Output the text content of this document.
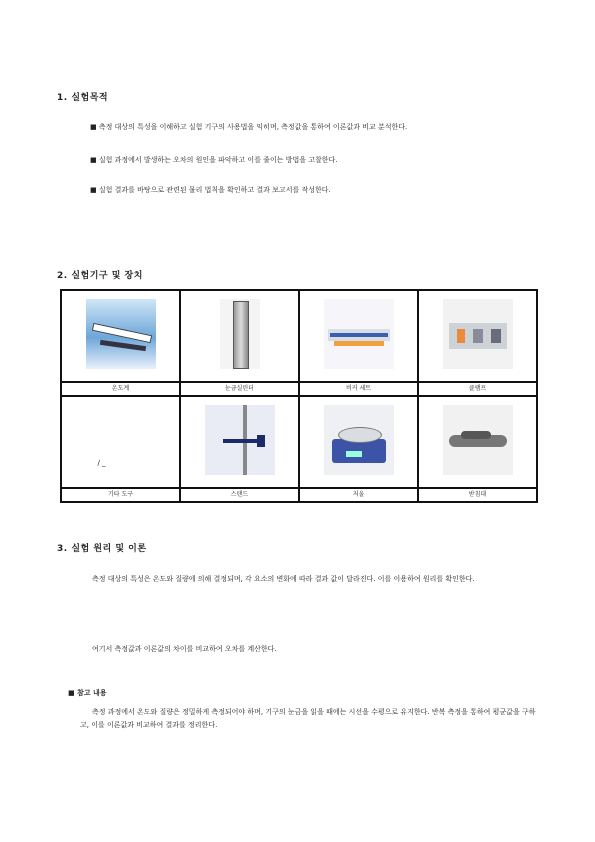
1. 실험목적
■ 측정 대상의 특성을 이해하고 실험 기구의 사용법을 익히며, 측정값을 통하여 이론값과 비교 분석한다.
■ 실험 과정에서 발생하는 오차의 원인을 파악하고 이를 줄이는 방법을 고찰한다.
■ 실험 결과를 바탕으로 관련된 물리 법칙을 확인하고 결과 보고서를 작성한다.
2. 실험기구 및 장치

온도계	눈금실린더	비커 세트	클램프

/ _			

기타 도구	스탠드	저울	받침대
3. 실험 원리 및 이론
측정 대상의 특성은 온도와 질량에 의해 결정되며, 각 요소의 변화에 따라 결과 값이 달라진다. 이를 이용하여 원리를 확인한다.
여기서 측정값과 이론값의 차이를 비교하여 오차를 계산한다.
■ 참고 내용
측정 과정에서 온도와 질량은 정밀하게 측정되어야 하며, 기구의 눈금을 읽을 때에는 시선을 수평으로 유지한다. 반복 측정을 통하여 평균값을 구하고, 이를 이론값과 비교하여 결과를 정리한다.
